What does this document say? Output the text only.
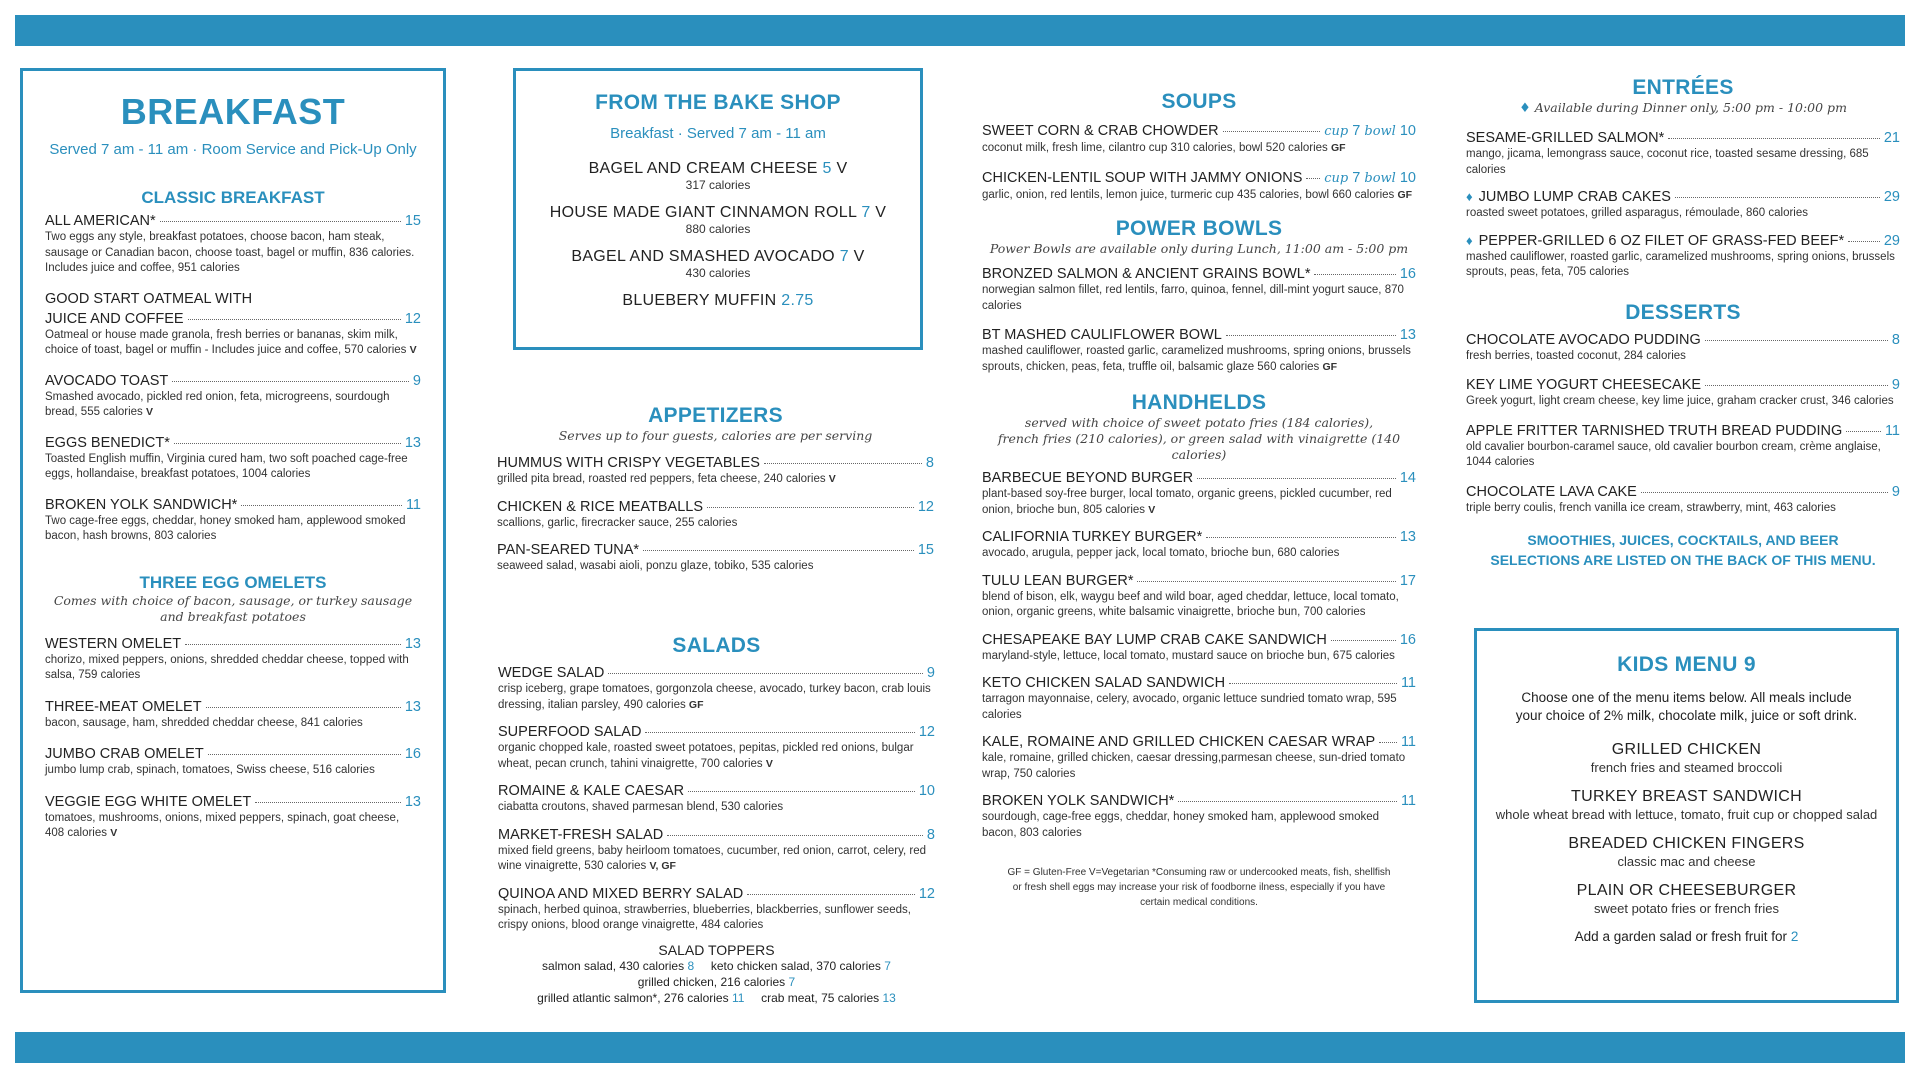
BREAKFAST
Served 7 am - 11 am · Room Service and Pick-Up Only
CLASSIC BREAKFAST
ALL AMERICAN*	15
Two eggs any style, breakfast potatoes, choose bacon, ham steak, sausage or Canadian bacon, choose toast, bagel or muffin, 836 calories. Includes juice and coffee, 951 calories
GOOD START OATMEAL WITH
JUICE AND COFFEE	12
Oatmeal or house made granola, fresh berries or bananas, skim milk, choice of toast, bagel or muffin - Includes juice and coffee, 570 calories V
AVOCADO TOAST	9
Smashed avocado, pickled red onion, feta, microgreens, sourdough bread, 555 calories V
EGGS BENEDICT*	13
Toasted English muffin, Virginia cured ham, two soft poached cage-free eggs, hollandaise, breakfast potatoes, 1004 calories
BROKEN YOLK SANDWICH*	11
Two cage-free eggs, cheddar, honey smoked ham, applewood smoked bacon, hash browns, 803 calories
THREE EGG OMELETS
Comes with choice of bacon, sausage, or turkey sausage
and breakfast potatoes
WESTERN OMELET	13
chorizo, mixed peppers, onions, shredded cheddar cheese, topped with salsa, 759 calories
THREE-MEAT OMELET	13
bacon, sausage, ham, shredded cheddar cheese, 841 calories
JUMBO CRAB OMELET	16
jumbo lump crab, spinach, tomatoes, Swiss cheese, 516 calories
VEGGIE EGG WHITE OMELET	13
tomatoes, mushrooms, onions, mixed peppers, spinach, goat cheese, 408 calories V
FROM THE BAKE SHOP
Breakfast · Served 7 am - 11 am
BAGEL AND CREAM CHEESE 5 V
317 calories
HOUSE MADE GIANT CINNAMON ROLL 7 V
880 calories
BAGEL AND SMASHED AVOCADO 7 V
430 calories
BLUEBERY MUFFIN 2.75
APPETIZERS
Serves up to four guests, calories are per serving
HUMMUS WITH CRISPY VEGETABLES	8
grilled pita bread, roasted red peppers, feta cheese, 240 calories V
CHICKEN & RICE MEATBALLS	12
scallions, garlic, firecracker sauce, 255 calories
PAN-SEARED TUNA*	15
seaweed salad, wasabi aioli, ponzu glaze, tobiko, 535 calories
SALADS
WEDGE SALAD	9
crisp iceberg, grape tomatoes, gorgonzola cheese, avocado, turkey bacon, crab louis dressing, italian parsley, 490 calories GF
SUPERFOOD SALAD	12
organic chopped kale, roasted sweet potatoes, pepitas, pickled red onions, bulgar wheat, pecan crunch, tahini vinaigrette, 700 calories V
ROMAINE & KALE CAESAR	10
ciabatta croutons, shaved parmesan blend, 530 calories
MARKET-FRESH SALAD	8
mixed field greens, baby heirloom tomatoes, cucumber, red onion, carrot, celery, red wine vinaigrette, 530 calories V, GF
QUINOA AND MIXED BERRY SALAD	12
spinach, herbed quinoa, strawberries, blueberries, blackberries, sunflower seeds, crispy onions, blood orange vinaigrette, 484 calories
SALAD TOPPERS
salmon salad, 430 calories 8 keto chicken salad, 370 calories 7
grilled chicken, 216 calories 7
grilled atlantic salmon*, 276 calories 11 crab meat, 75 calories 13
SOUPS
SWEET CORN & CRAB CHOWDER	cup 7 bowl 10
coconut milk, fresh lime, cilantro cup 310 calories, bowl 520 calories GF
CHICKEN-LENTIL SOUP WITH JAMMY ONIONS cup 7 bowl 10
garlic, onion, red lentils, lemon juice, turmeric cup 435 calories, bowl 660 calories GF
POWER BOWLS
Power Bowls are available only during Lunch, 11:00 am - 5:00 pm
BRONZED SALMON & ANCIENT GRAINS BOWL*	16
norwegian salmon fillet, red lentils, farro, quinoa, fennel, dill-mint yogurt sauce, 870 calories
BT MASHED CAULIFLOWER BOWL	13
mashed cauliflower, roasted garlic, caramelized mushrooms, spring onions, brussels sprouts, chicken, peas, feta, truffle oil, balsamic glaze 560 calories GF
HANDHELDS
served with choice of sweet potato fries (184 calories),
french fries (210 calories), or green salad with vinaigrette (140 calories)
BARBECUE BEYOND BURGER	14
plant-based soy-free burger, local tomato, organic greens, pickled cucumber, red onion, brioche bun, 805 calories V
CALIFORNIA TURKEY BURGER*	13
avocado, arugula, pepper jack, local tomato, brioche bun, 680 calories
TULU LEAN BURGER*	17
blend of bison, elk, waygu beef and wild boar, aged cheddar, lettuce, local tomato, onion, organic greens, white balsamic vinaigrette, brioche bun, 700 calories
CHESAPEAKE BAY LUMP CRAB CAKE SANDWICH	16
maryland-style, lettuce, local tomato, mustard sauce on brioche bun, 675 calories
KETO CHICKEN SALAD SANDWICH	11
tarragon mayonnaise, celery, avocado, organic lettuce sundried tomato wrap, 595 calories
KALE, ROMAINE AND GRILLED CHICKEN CAESAR WRAP 11
kale, romaine, grilled chicken, caesar dressing,parmesan cheese, sun-dried tomato wrap, 750 calories
BROKEN YOLK SANDWICH*	11
sourdough, cage-free eggs, cheddar, honey smoked ham, applewood smoked bacon, 803 calories
GF = Gluten-Free V=Vegetarian *Consuming raw or undercooked meats, fish, shellfish
or fresh shell eggs may increase your risk of foodborne ilness, especially if you have
certain medical conditions.
ENTRÉES
♦ Available during Dinner only, 5:00 pm - 10:00 pm
SESAME-GRILLED SALMON*	21
mango, jicama, lemongrass sauce, coconut rice, toasted sesame dressing, 685 calories
♦ JUMBO LUMP CRAB CAKES	29
roasted sweet potatoes, grilled asparagus, rémoulade, 860 calories
♦ PEPPER-GRILLED 6 OZ FILET OF GRASS-FED BEEF*	29
mashed cauliflower, roasted garlic, caramelized mushrooms, spring onions, brussels sprouts, peas, feta, 705 calories
DESSERTS
CHOCOLATE AVOCADO PUDDING	8
fresh berries, toasted coconut, 284 calories
KEY LIME YOGURT CHEESECAKE	9
Greek yogurt, light cream cheese, key lime juice, graham cracker crust, 346 calories
APPLE FRITTER TARNISHED TRUTH BREAD PUDDING	11
old cavalier bourbon-caramel sauce, old cavalier bourbon cream, crème anglaise, 1044 calories
CHOCOLATE LAVA CAKE	9
triple berry coulis, french vanilla ice cream, strawberry, mint, 463 calories
SMOOTHIES, JUICES, COCKTAILS, AND BEER
SELECTIONS ARE LISTED ON THE BACK OF THIS MENU.
KIDS MENU 9
Choose one of the menu items below. All meals include your choice of 2% milk, chocolate milk, juice or soft drink.
GRILLED CHICKEN
french fries and steamed broccoli
TURKEY BREAST SANDWICH
whole wheat bread with lettuce, tomato, fruit cup or chopped salad
BREADED CHICKEN FINGERS
classic mac and cheese
PLAIN OR CHEESEBURGER
sweet potato fries or french fries
Add a garden salad or fresh fruit for 2
